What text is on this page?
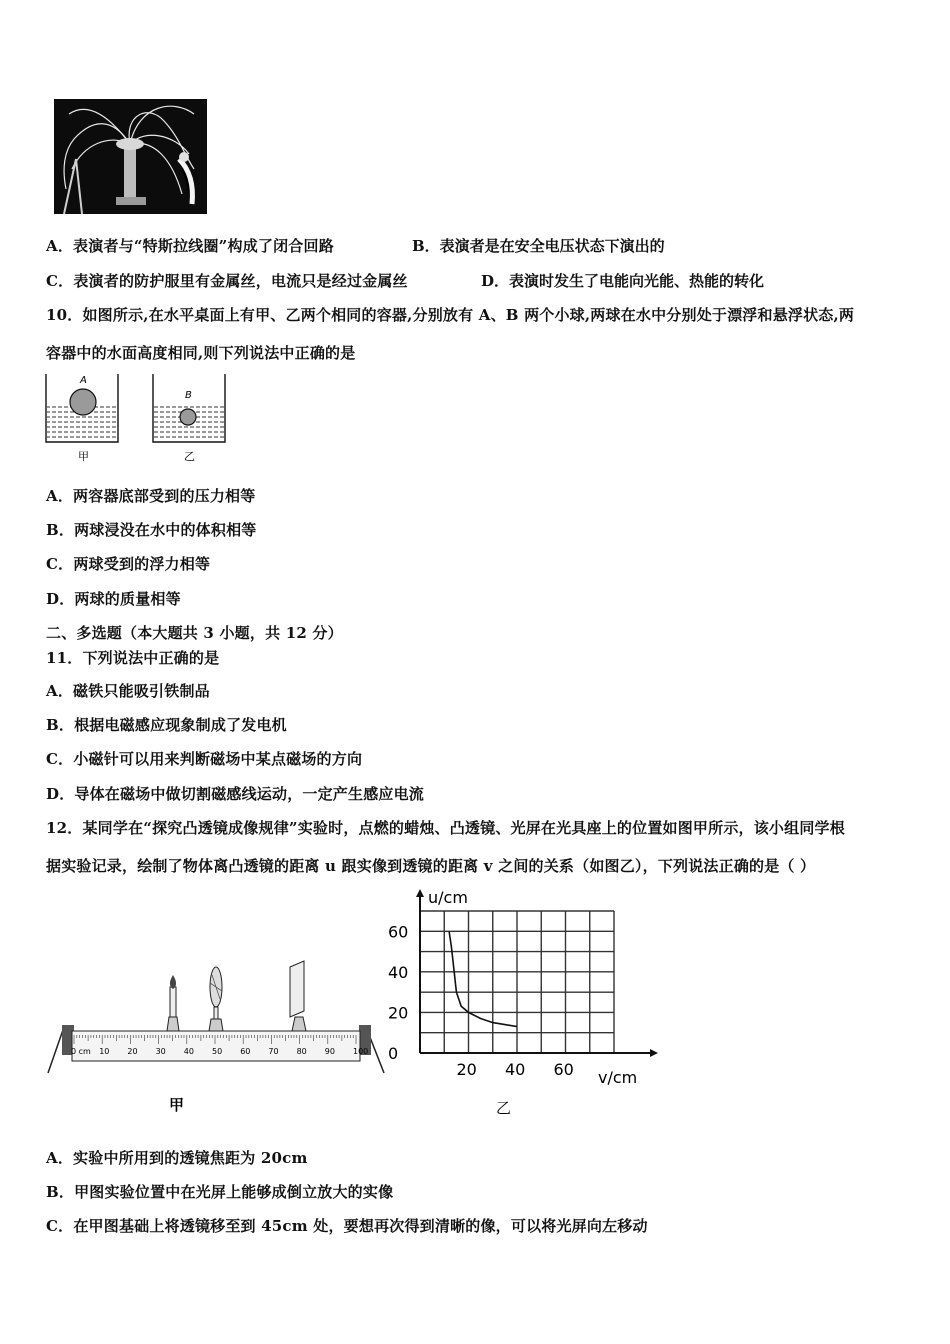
A．表演者与“特斯拉线圈”构成了闭合回路	B．表演者是在安全电压状态下演出的
C．表演者的防护服里有金属丝，电流只是经过金属丝	D．表演时发生了电能向光能、热能的转化
10．如图所示,在水平桌面上有甲、乙两个相同的容器,分别放有 A、B 两个小球,两球在水中分别处于漂浮和悬浮状态,两
容器中的水面高度相同,则下列说法中正确的是
A
B
甲	乙
A．两容器底部受到的压力相等
B．两球浸没在水中的体积相等
C．两球受到的浮力相等
D．两球的质量相等
二、多选题（本大题共 3 小题，共 12 分）
11．下列说法中正确的是
A．磁铁只能吸引铁制品
B．根据电磁感应现象制成了发电机
C．小磁针可以用来判断磁场中某点磁场的方向
D．导体在磁场中做切割磁感线运动，一定产生感应电流
12．某同学在“探究凸透镜成像规律”实验时，点燃的蜡烛、凸透镜、光屏在光具座上的位置如图甲所示，该小组同学根
据实验记录，绘制了物体离凸透镜的距离 u 跟实像到透镜的距离 v 之间的关系（如图乙），下列说法正确的是（ ）
0 cm 10 20 30 40 50 60 70 80 90 100
甲
0
20
40
60
20 40 60
u/cm
v/cm
乙
A．实验中所用到的透镜焦距为 20cm
B．甲图实验位置中在光屏上能够成倒立放大的实像
C．在甲图基础上将透镜移至到 45cm 处，要想再次得到清晰的像，可以将光屏向左移动
